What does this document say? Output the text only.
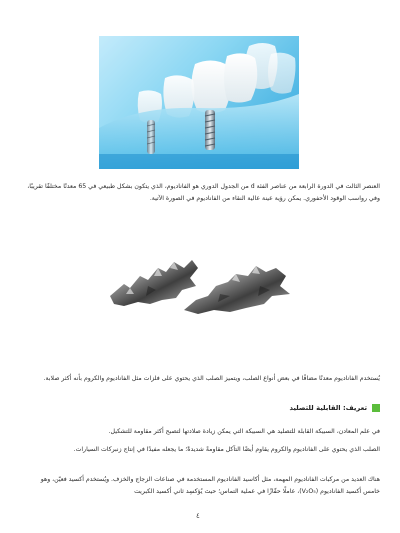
العنصر الثالث في الدورة الرابعة من عناصر الفئة d من الجدول الدوري هو الفاناديوم، الذي يتكون بشكل طبيعي في 65 معدنًا مختلفًا تقريبًا، وفي رواسب الوقود الأحفوري. يمكن رؤية عينة عالية النقاء من الفاناديوم في الصورة الآتية.

يُستخدم الفاناديوم معدنًا مضافًا في بعض أنواع الصلب، ويتميز الصلب الذي يحتوي على فلزات مثل الفاناديوم والكروم بأنه أكثر صلابة.

تعريف: القابلية للتصليد

في علم المعادن، السبيكة القابلة للتصليد هي السبيكة التي يمكن زيادة صلادتها لتصبح أكثر مقاومة للتشكيل.

الصلب الذي يحتوي على الفاناديوم والكروم يقاوم أيضًا التآكل مقاومةً شديدةً؛ ما يجعله مفيدًا في إنتاج زنبركات السيارات.

هناك العديد من مركبات الفاناديوم المهمة، مثل أكاسيد الفاناديوم المستخدمة في صناعات الزجاج والخزف. ويُستخدم أكسيد فعيّن، وهو خامس أكسيد الفاناديوم (V₂O₅)، عاملًا حفّازًا في عملية التماس؛ حيث يُؤكسِد ثاني أكسيد الكبريت

٤
